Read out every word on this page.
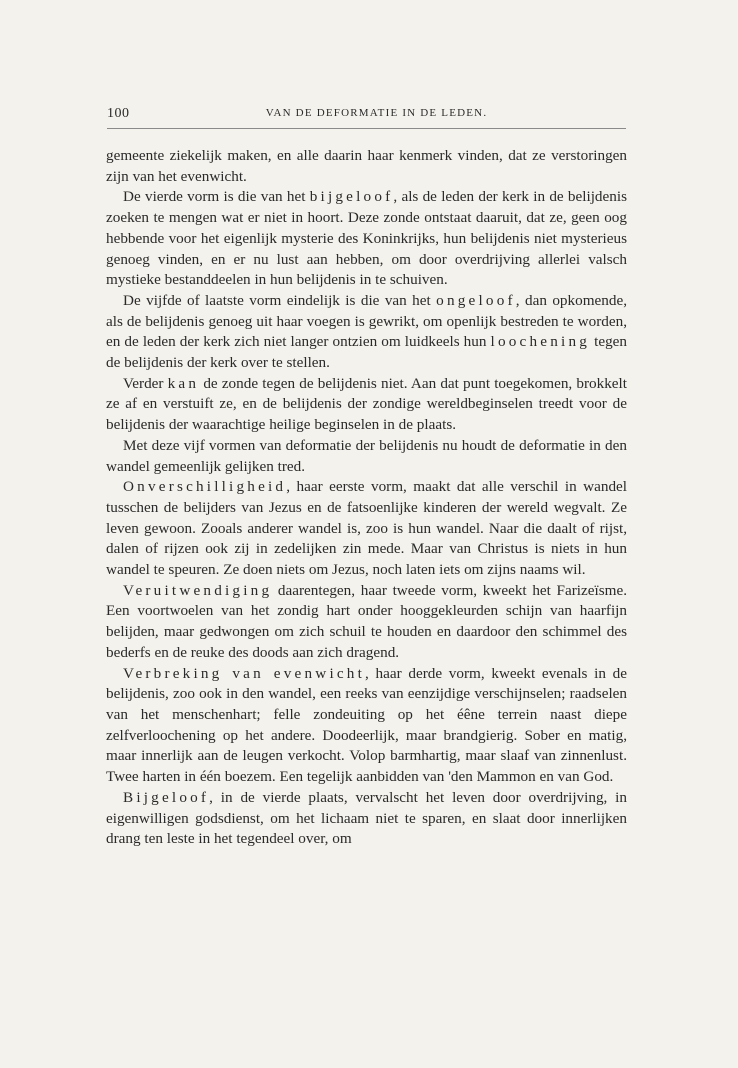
100	VAN DE DEFORMATIE IN DE LEDEN.

gemeente ziekelijk maken, en alle daarin haar kenmerk vinden, dat ze verstoringen zijn van het evenwicht.

De vierde vorm is die van het bijgeloof, als de leden der kerk in de belijdenis zoeken te mengen wat er niet in hoort. Deze zonde ontstaat daaruit, dat ze, geen oog hebbende voor het eigenlijk mysterie des Koninkrijks, hun belijdenis niet mysterieus genoeg vinden, en er nu lust aan hebben, om door overdrijving allerlei valsch mystieke bestanddeelen in hun belijdenis in te schuiven.

De vijfde of laatste vorm eindelijk is die van het ongeloof, dan opkomende, als de belijdenis genoeg uit haar voegen is gewrikt, om openlijk bestreden te worden, en de leden der kerk zich niet langer ontzien om luidkeels hun loochening tegen de belijdenis der kerk over te stellen.

Verder kan de zonde tegen de belijdenis niet. Aan dat punt toegekomen, brokkelt ze af en verstuift ze, en de belijdenis der zondige wereldbeginselen treedt voor de belijdenis der waarachtige heilige beginselen in de plaats.

Met deze vijf vormen van deformatie der belijdenis nu houdt de deformatie in den wandel gemeenlijk gelijken tred.

Onverschilligheid, haar eerste vorm, maakt dat alle verschil in wandel tusschen de belijders van Jezus en de fatsoenlijke kinderen der wereld wegvalt. Ze leven gewoon. Zooals anderer wandel is, zoo is hun wandel. Naar die daalt of rijst, dalen of rijzen ook zij in zedelijken zin mede. Maar van Christus is niets in hun wandel te speuren. Ze doen niets om Jezus, noch laten iets om zijns naams wil.

Veruitwendiging daarentegen, haar tweede vorm, kweekt het Farizeïsme. Een voortwoelen van het zondig hart onder hooggekleurden schijn van haarfijn belijden, maar gedwongen om zich schuil te houden en daardoor den schimmel des bederfs en de reuke des doods aan zich dragend.

Verbreking van evenwicht, haar derde vorm, kweekt evenals in de belijdenis, zoo ook in den wandel, een reeks van eenzijdige verschijnselen; raadselen van het menschenhart; felle zondeuiting op het éêne terrein naast diepe zelfverloochening op het andere. Doodeerlijk, maar brandgierig. Sober en matig, maar innerlijk aan de leugen verkocht. Volop barmhartig, maar slaaf van zinnenlust. Twee harten in één boezem. Een tegelijk aanbidden van 'den Mammon en van God.

Bijgeloof, in de vierde plaats, vervalscht het leven door overdrijving, in eigenwilligen godsdienst, om het lichaam niet te sparen, en slaat door innerlijken drang ten leste in het tegendeel over, om
